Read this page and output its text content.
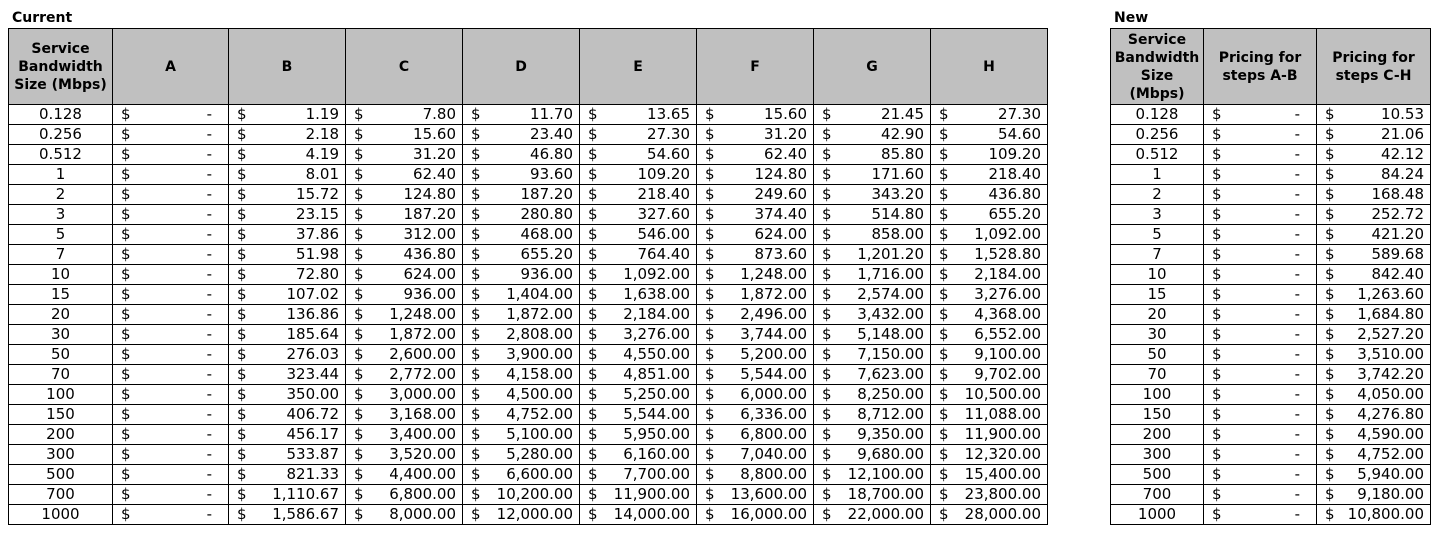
Current
Service Bandwidth Size (Mbps)	A	B	C	D	E	F	G	H
0.128	$ -	$ 1.19	$ 7.80	$ 11.70	$ 13.65	$ 15.60	$ 21.45	$ 27.30

0.256	$ -	$ 2.18	$ 15.60	$ 23.40	$ 27.30	$ 31.20	$ 42.90	$ 54.60

0.512	$ -	$ 4.19	$ 31.20	$ 46.80	$ 54.60	$ 62.40	$ 85.80	$ 109.20

1	$ -	$ 8.01	$ 62.40	$ 93.60	$ 109.20	$ 124.80	$ 171.60	$ 218.40

2	$ -	$ 15.72	$ 124.80	$ 187.20	$ 218.40	$ 249.60	$ 343.20	$ 436.80

3	$ -	$ 23.15	$ 187.20	$ 280.80	$ 327.60	$ 374.40	$ 514.80	$ 655.20

5	$ -	$ 37.86	$ 312.00	$ 468.00	$ 546.00	$ 624.00	$ 858.00	$ 1,092.00

7	$ -	$ 51.98	$ 436.80	$ 655.20	$ 764.40	$ 873.60	$ 1,201.20	$ 1,528.80

10	$ -	$ 72.80	$ 624.00	$ 936.00	$ 1,092.00	$ 1,248.00	$ 1,716.00	$ 2,184.00

15	$ -	$ 107.02	$ 936.00	$ 1,404.00	$ 1,638.00	$ 1,872.00	$ 2,574.00	$ 3,276.00

20	$ -	$ 136.86	$ 1,248.00	$ 1,872.00	$ 2,184.00	$ 2,496.00	$ 3,432.00	$ 4,368.00

30	$ -	$ 185.64	$ 1,872.00	$ 2,808.00	$ 3,276.00	$ 3,744.00	$ 5,148.00	$ 6,552.00

50	$ -	$ 276.03	$ 2,600.00	$ 3,900.00	$ 4,550.00	$ 5,200.00	$ 7,150.00	$ 9,100.00

70	$ -	$ 323.44	$ 2,772.00	$ 4,158.00	$ 4,851.00	$ 5,544.00	$ 7,623.00	$ 9,702.00

100	$ -	$ 350.00	$ 3,000.00	$ 4,500.00	$ 5,250.00	$ 6,000.00	$ 8,250.00	$ 10,500.00

150	$ -	$ 406.72	$ 3,168.00	$ 4,752.00	$ 5,544.00	$ 6,336.00	$ 8,712.00	$ 11,088.00

200	$ -	$ 456.17	$ 3,400.00	$ 5,100.00	$ 5,950.00	$ 6,800.00	$ 9,350.00	$ 11,900.00

300	$ -	$ 533.87	$ 3,520.00	$ 5,280.00	$ 6,160.00	$ 7,040.00	$ 9,680.00	$ 12,320.00

500	$ -	$ 821.33	$ 4,400.00	$ 6,600.00	$ 7,700.00	$ 8,800.00	$ 12,100.00	$ 15,400.00

700	$ -	$ 1,110.67	$ 6,800.00	$ 10,200.00	$ 11,900.00	$ 13,600.00	$ 18,700.00	$ 23,800.00

1000	$ -	$ 1,586.67	$ 8,000.00	$ 12,000.00	$ 14,000.00	$ 16,000.00	$ 22,000.00	$ 28,000.00
New
Service Bandwidth Size (Mbps)	Pricing for steps A-B	Pricing for steps C-H
0.128	$ -	$ 10.53

0.256	$ -	$ 21.06

0.512	$ -	$ 42.12

1	$ -	$ 84.24

2	$ -	$ 168.48

3	$ -	$ 252.72

5	$ -	$ 421.20

7	$ -	$ 589.68

10	$ -	$ 842.40

15	$ -	$ 1,263.60

20	$ -	$ 1,684.80

30	$ -	$ 2,527.20

50	$ -	$ 3,510.00

70	$ -	$ 3,742.20

100	$ -	$ 4,050.00

150	$ -	$ 4,276.80

200	$ -	$ 4,590.00

300	$ -	$ 4,752.00

500	$ -	$ 5,940.00

700	$ -	$ 9,180.00

1000	$ -	$ 10,800.00
